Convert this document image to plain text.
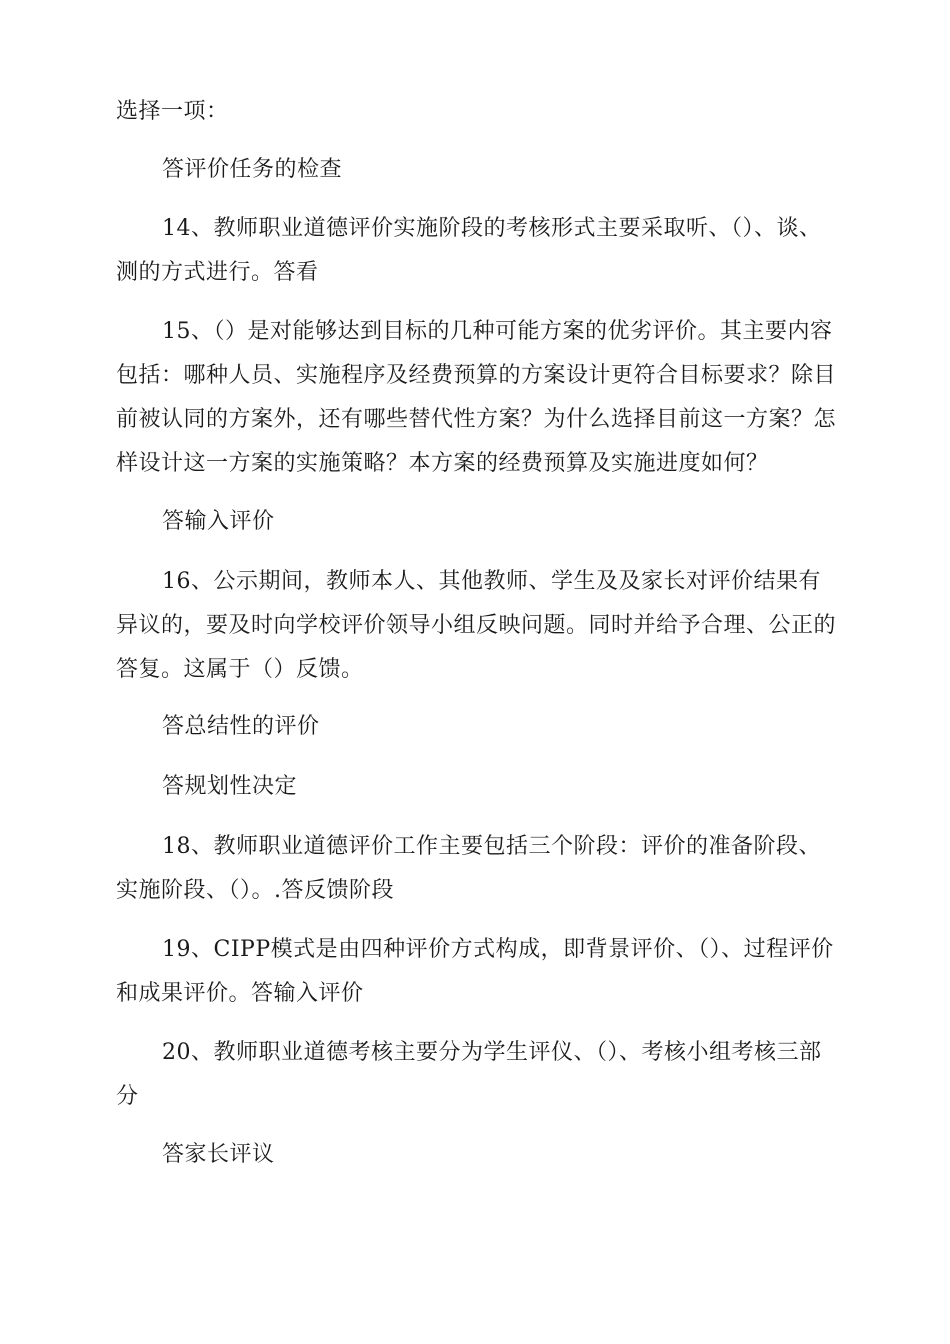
选择一项：

答评价任务的检查

14、教师职业道德评价实施阶段的考核形式主要采取听、（）、谈、测的方式进行。答看

15、（）是对能够达到目标的几种可能方案的优劣评价。其主要内容包括：哪种人员、实施程序及经费预算的方案设计更符合目标要求？除目前被认同的方案外，还有哪些替代性方案？为什么选择目前这一方案？怎样设计这一方案的实施策略？本方案的经费预算及实施进度如何？

答输入评价

16、公示期间，教师本人、其他教师、学生及及家长对评价结果有异议的，要及时向学校评价领导小组反映问题。同时并给予合理、公正的答复。这属于（）反馈。

答总结性的评价

答规划性决定

18、教师职业道德评价工作主要包括三个阶段：评价的准备阶段、实施阶段、（）。.答反馈阶段

19、CIPP模式是由四种评价方式构成，即背景评价、（）、过程评价和成果评价。答输入评价

20、教师职业道德考核主要分为学生评仪、（）、考核小组考核三部分

答家长评议
